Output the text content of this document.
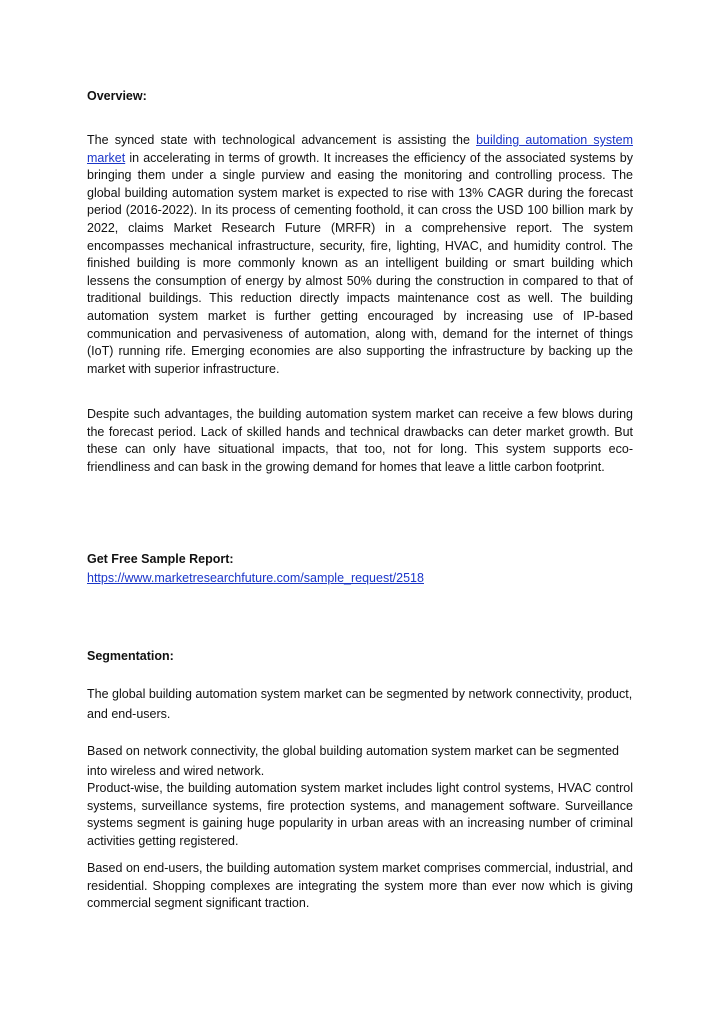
Overview:

The synced state with technological advancement is assisting the building automation system market in accelerating in terms of growth. It increases the efficiency of the associated systems by bringing them under a single purview and easing the monitoring and controlling process. The global building automation system market is expected to rise with 13% CAGR during the forecast period (2016-2022). In its process of cementing foothold, it can cross the USD 100 billion mark by 2022, claims Market Research Future (MRFR) in a comprehensive report. The system encompasses mechanical infrastructure, security, fire, lighting, HVAC, and humidity control. The finished building is more commonly known as an intelligent building or smart building which lessens the consumption of energy by almost 50% during the construction in compared to that of traditional buildings. This reduction directly impacts maintenance cost as well. The building automation system market is further getting encouraged by increasing use of IP-based communication and pervasiveness of automation, along with, demand for the internet of things (IoT) running rife. Emerging economies are also supporting the infrastructure by backing up the market with superior infrastructure.

Despite such advantages, the building automation system market can receive a few blows during the forecast period. Lack of skilled hands and technical drawbacks can deter market growth. But these can only have situational impacts, that too, not for long. This system supports eco-friendliness and can bask in the growing demand for homes that leave a little carbon footprint.

Get Free Sample Report:
https://www.marketresearchfuture.com/sample_request/2518
Segmentation:

The global building automation system market can be segmented by network connectivity, product, and end-users.

Based on network connectivity, the global building automation system market can be segmented into wireless and wired network.

Product-wise, the building automation system market includes light control systems, HVAC control systems, surveillance systems, fire protection systems, and management software. Surveillance systems segment is gaining huge popularity in urban areas with an increasing number of criminal activities getting registered.

Based on end-users, the building automation system market comprises commercial, industrial, and residential. Shopping complexes are integrating the system more than ever now which is giving commercial segment significant traction.
